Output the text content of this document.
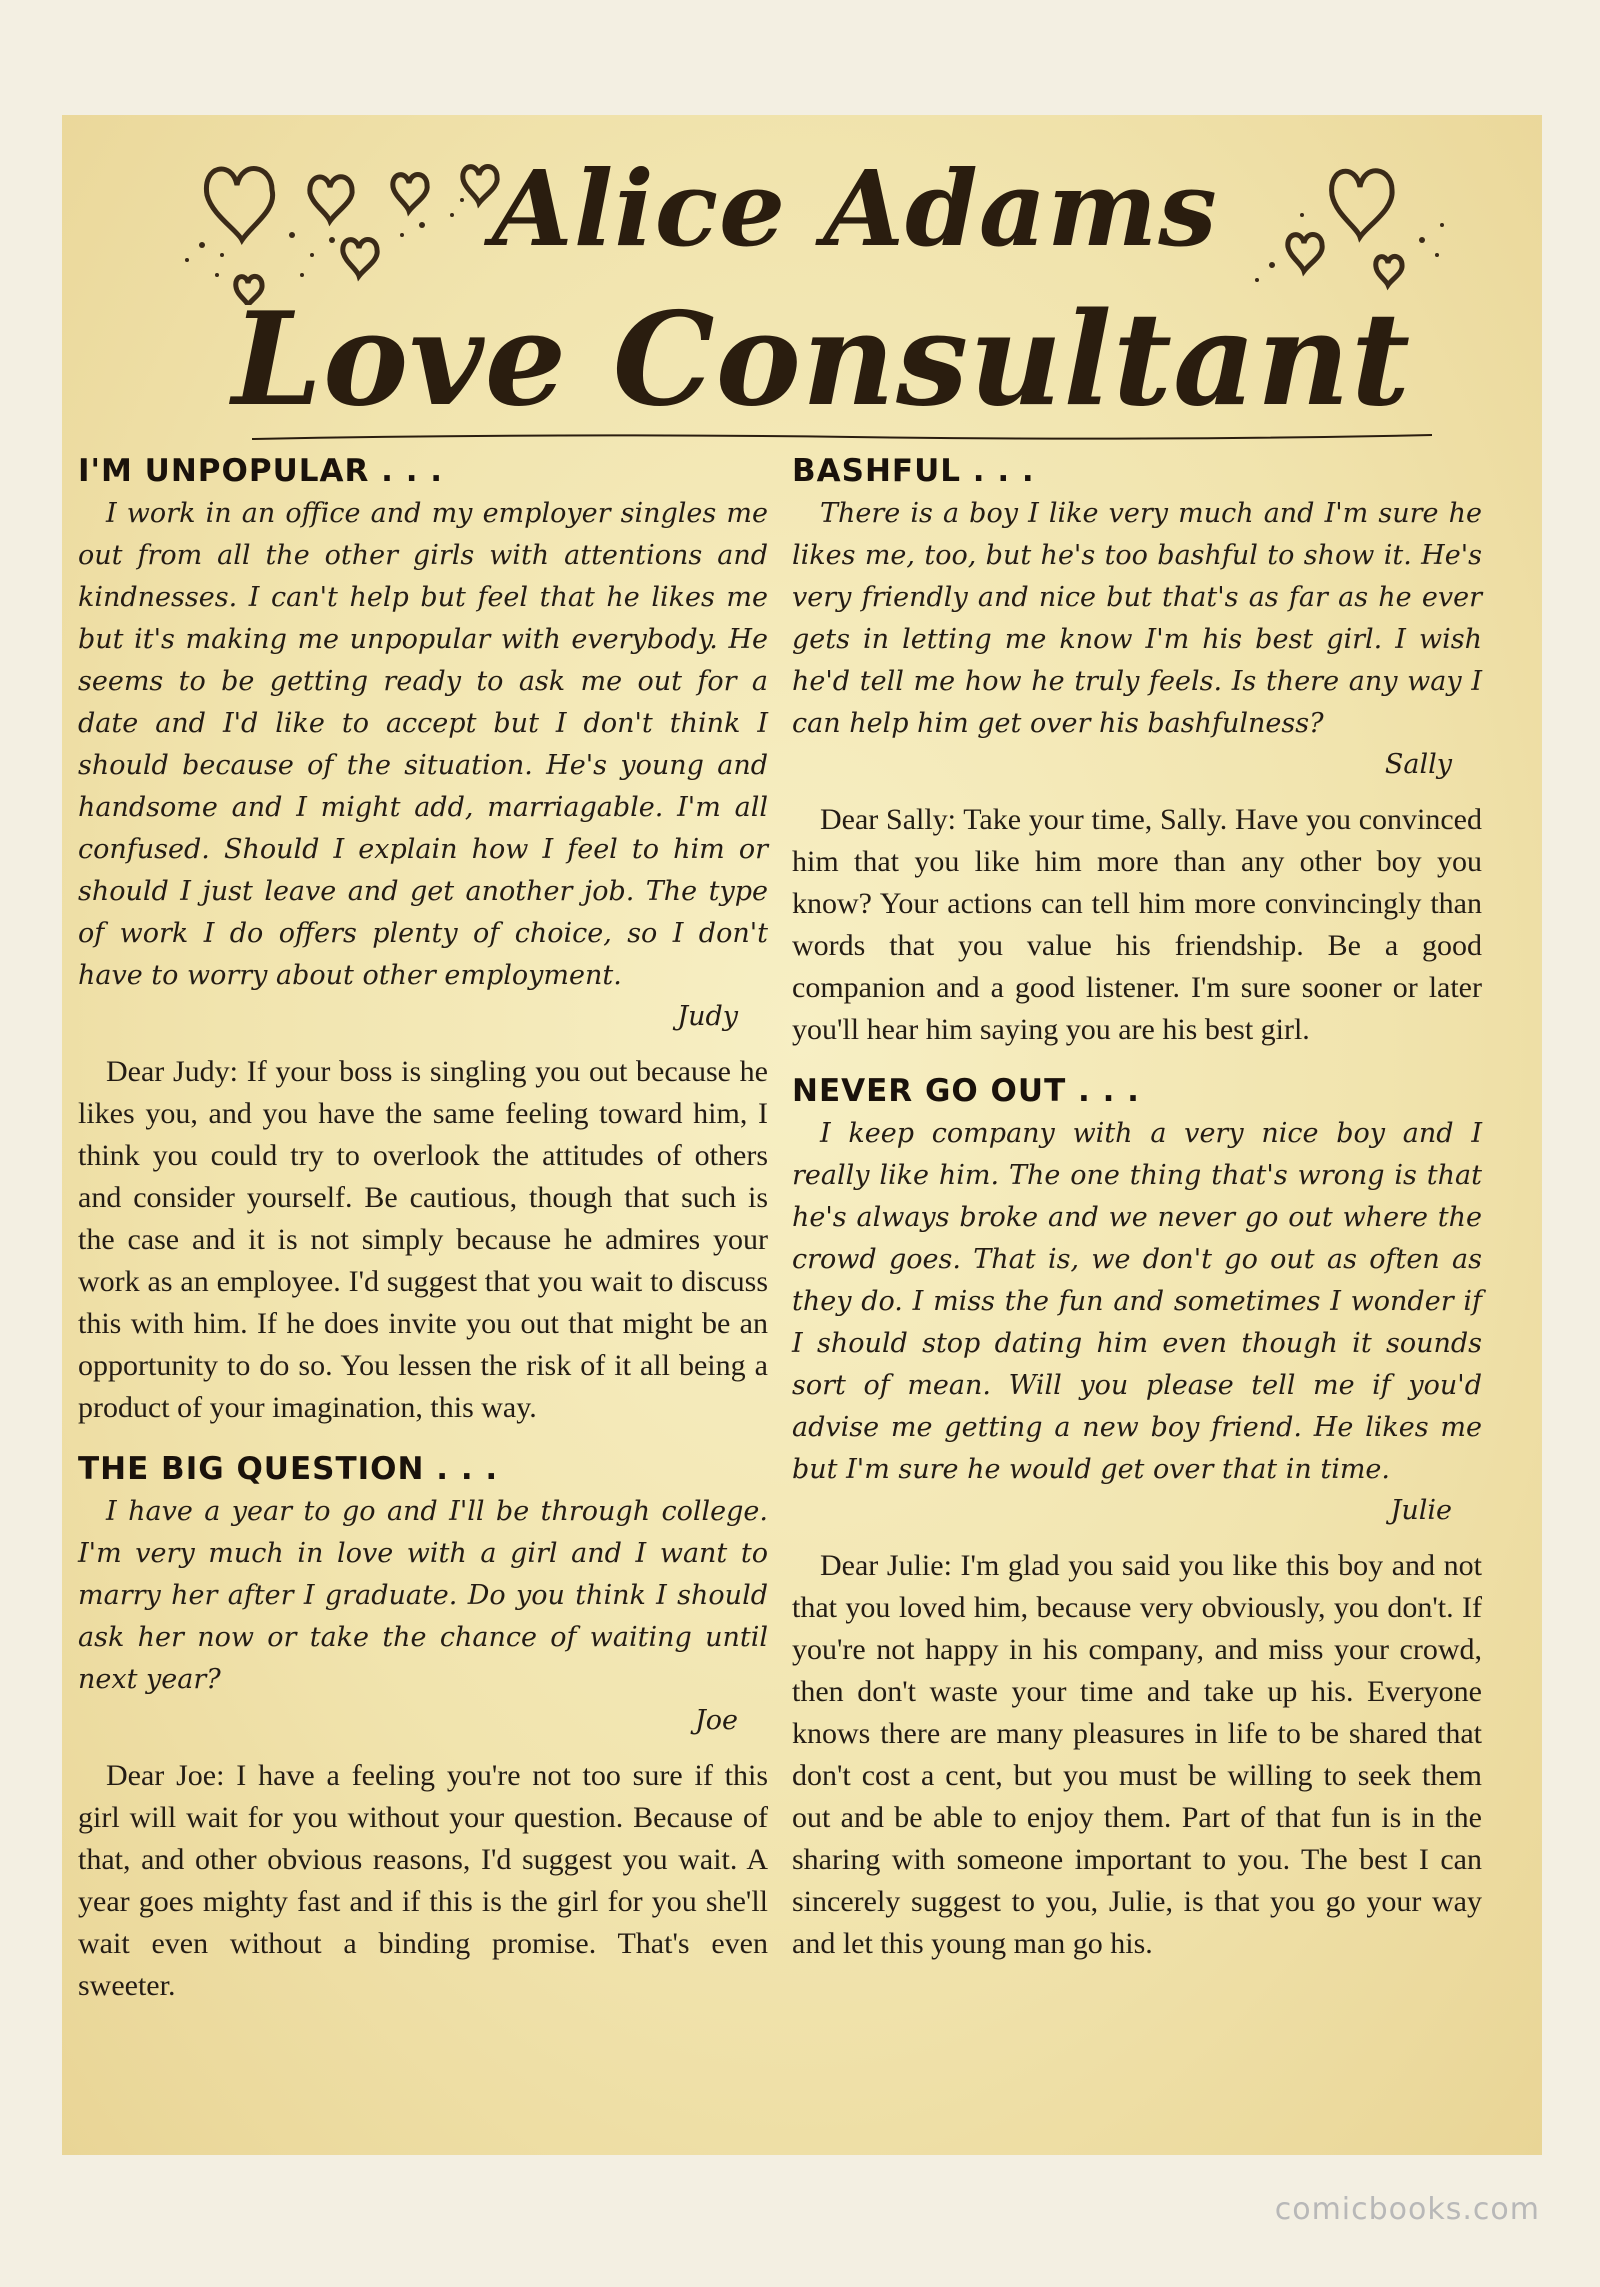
Alice Adams
Love Consultant
I'M UNPOPULAR . . .

I work in an office and my employer singles me out from all the other girls with attentions and kindnesses. I can't help but feel that he likes me but it's making me unpopular with everybody. He seems to be getting ready to ask me out for a date and I'd like to accept but I don't think I should because of the situation. He's young and handsome and I might add, marriagable. I'm all confused. Should I explain how I feel to him or should I just leave and get another job. The type of work I do offers plenty of choice, so I don't have to worry about other employment.

Judy

Dear Judy: If your boss is singling you out because he likes you, and you have the same feeling toward him, I think you could try to overlook the attitudes of others and consider yourself. Be cautious, though that such is the case and it is not simply because he admires your work as an employee. I'd suggest that you wait to discuss this with him. If he does invite you out that might be an opportunity to do so. You lessen the risk of it all being a product of your imagination, this way.

THE BIG QUESTION . . .

I have a year to go and I'll be through college. I'm very much in love with a girl and I want to marry her after I graduate. Do you think I should ask her now or take the chance of waiting until next year?

Joe

Dear Joe: I have a feeling you're not too sure if this girl will wait for you without your question. Because of that, and other obvious reasons, I'd suggest you wait. A year goes mighty fast and if this is the girl for you she'll wait even without a binding promise. That's even sweeter.

BASHFUL . . .

There is a boy I like very much and I'm sure he likes me, too, but he's too bashful to show it. He's very friendly and nice but that's as far as he ever gets in letting me know I'm his best girl. I wish he'd tell me how he truly feels. Is there any way I can help him get over his bashfulness?

Sally

Dear Sally: Take your time, Sally. Have you convinced him that you like him more than any other boy you know? Your actions can tell him more convincingly than words that you value his friendship. Be a good companion and a good listener. I'm sure sooner or later you'll hear him saying you are his best girl.

NEVER GO OUT . . .

I keep company with a very nice boy and I really like him. The one thing that's wrong is that he's always broke and we never go out where the crowd goes. That is, we don't go out as often as they do. I miss the fun and sometimes I wonder if I should stop dating him even though it sounds sort of mean. Will you please tell me if you'd advise me getting a new boy friend. He likes me but I'm sure he would get over that in time.

Julie

Dear Julie: I'm glad you said you like this boy and not that you loved him, because very obviously, you don't. If you're not happy in his company, and miss your crowd, then don't waste your time and take up his. Everyone knows there are many pleasures in life to be shared that don't cost a cent, but you must be willing to seek them out and be able to enjoy them. Part of that fun is in the sharing with someone important to you. The best I can sincerely suggest to you, Julie, is that you go your way and let this young man go his.

comicbooks.com
